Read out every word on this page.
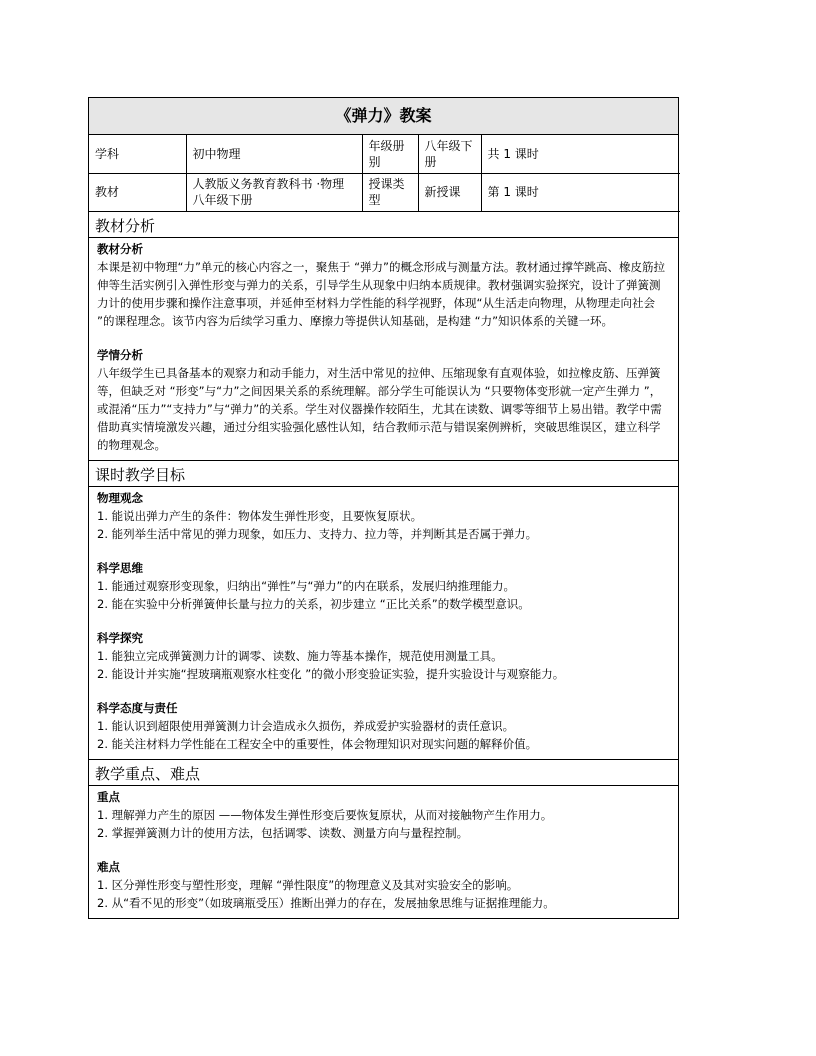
《弹力》教案
学科	初中物理	年级册别	八年级下册	共 1 课时
教材	人教版义务教育教科书 ·物理八年级下册	授课类型	新授课	第 1 课时
教材分析
教材分析

本课是初中物理“力”单元的核心内容之一，聚焦于 “弹力”的概念形成与测量方法。教材通过撑竿跳高、橡皮筋拉伸等生活实例引入弹性形变与弹力的关系，引导学生从现象中归纳本质规律。教材强调实验探究，设计了弹簧测力计的使用步骤和操作注意事项，并延伸至材料力学性能的科学视野，体现“从生活走向物理，从物理走向社会 ”的课程理念。该节内容为后续学习重力、摩擦力等提供认知基础，是构建 “力”知识体系的关键一环。

学情分析

八年级学生已具备基本的观察力和动手能力，对生活中常见的拉伸、压缩现象有直观体验，如拉橡皮筋、压弹簧等，但缺乏对 “形变”与“力”之间因果关系的系统理解。部分学生可能误认为 “只要物体变形就一定产生弹力 ”，或混淆“压力”“支持力”与“弹力”的关系。学生对仪器操作较陌生，尤其在读数、调零等细节上易出错。教学中需借助真实情境激发兴趣，通过分组实验强化感性认知，结合教师示范与错误案例辨析，突破思维误区，建立科学的物理观念。

课时教学目标
物理观念
1. 能说出弹力产生的条件：物体发生弹性形变，且要恢复原状。
2. 能列举生活中常见的弹力现象，如压力、支持力、拉力等，并判断其是否属于弹力。
科学思维
1. 能通过观察形变现象，归纳出“弹性”与“弹力”的内在联系，发展归纳推理能力。
2. 能在实验中分析弹簧伸长量与拉力的关系，初步建立 “正比关系”的数学模型意识。
科学探究
1. 能独立完成弹簧测力计的调零、读数、施力等基本操作，规范使用测量工具。
2. 能设计并实施“捏玻璃瓶观察水柱变化 ”的微小形变验证实验，提升实验设计与观察能力。
科学态度与责任
1. 能认识到超限使用弹簧测力计会造成永久损伤，养成爱护实验器材的责任意识。
2. 能关注材料力学性能在工程安全中的重要性，体会物理知识对现实问题的解释价值。
教学重点、难点
重点
1. 理解弹力产生的原因 ——物体发生弹性形变后要恢复原状，从而对接触物产生作用力。
2. 掌握弹簧测力计的使用方法，包括调零、读数、测量方向与量程控制。
难点
1. 区分弹性形变与塑性形变，理解 “弹性限度”的物理意义及其对实验安全的影响。
2. 从“看不见的形变”（如玻璃瓶受压）推断出弹力的存在，发展抽象思维与证据推理能力。
